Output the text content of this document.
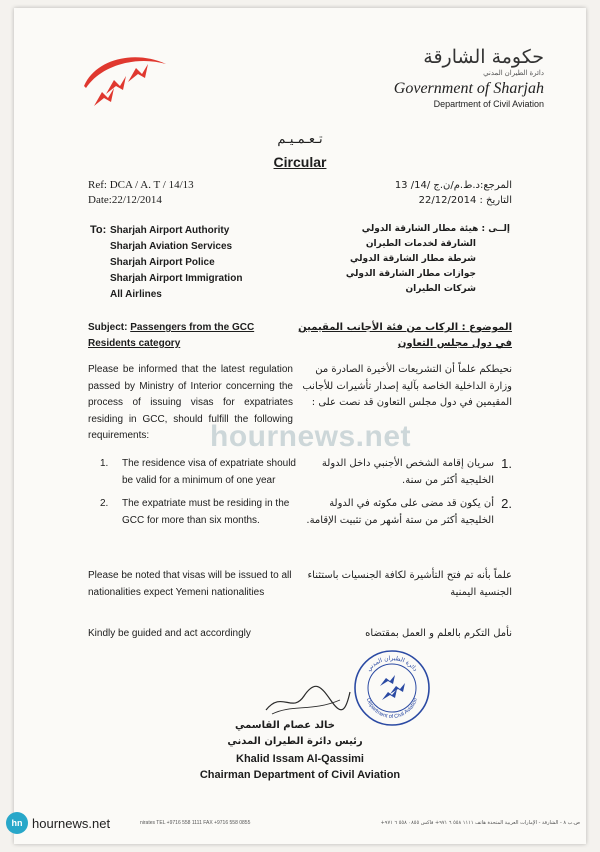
حكومة الشارقة
دائرة الطيران المدني
Government of Sharjah
Department of Civil Aviation
تـعـمـيـم
Circular
Ref: DCA / A. T / 14/13
Date:22/12/2014
المرجع:د.ط.م/ن.ج /14/ 13
التاريخ : 22/12/2014
To: Sharjah Airport Authority
Sharjah Aviation Services
Sharjah Airport Police
Sharjah Airport Immigration
All Airlines
إلــى : هيئة مطار الشارقة الدولي
الشارقة لخدمات الطيران
شرطة مطار الشارقة الدولي
جوازات مطار الشارقة الدولي
شركات الطيران
Subject: Passengers from the GCC Residents category
الموضوع : الركاب من فئة الأجانب المقيمين في دول مجلس التعاون
Please be informed that the latest regulation passed by Ministry of Interior concerning the process of issuing visas for expatriates residing in GCC, should fulfill the following requirements:
نحيطكم علماً أن التشريعات الأخيرة الصادرة من وزارة الداخلية الخاصة بآلية إصدار تأشيرات للأجانب المقيمين في دول مجلس التعاون قد نصت على :
1.	The residence visa of expatriate should be valid for a minimum of one year
2.	The expatriate must be residing in the GCC for more than six months.
.1
سريان إقامة الشخص الأجنبي داخل الدولة الخليجية أكثر من سنة.
.2
أن يكون قد مضى على مكوثه في الدولة الخليجية أكثر من ستة أشهر من تثبيت الإقامة.
Please be noted that visas will be issued to all nationalities expect Yemeni nationalities
علماً بأنه تم فتح التأشيرة لكافة الجنسيات باستثناء الجنسية اليمنية
Kindly be guided and act accordingly	نأمل التكرم بالعلم و العمل بمقتضاه
دائرة الطيران المدني
Department of Civil Aviation
خالد عصام القاسمي
رئيس دائرة الطيران المدني
Khalid Issam Al-Qassimi
Chairman Department of Civil Aviation
nirates TEL +9716 558 1111 FAX +9716 558 0855	ص.ب ٨ - الشارقة - الإمارات العربية المتحدة هاتف ١١١١ ٥٥٨ ٦ ٩٧١+ فاكس ٠٨٥٥ ٥٥٨ ٦ ٩٧١+
hournews.net
hn hournews.net
